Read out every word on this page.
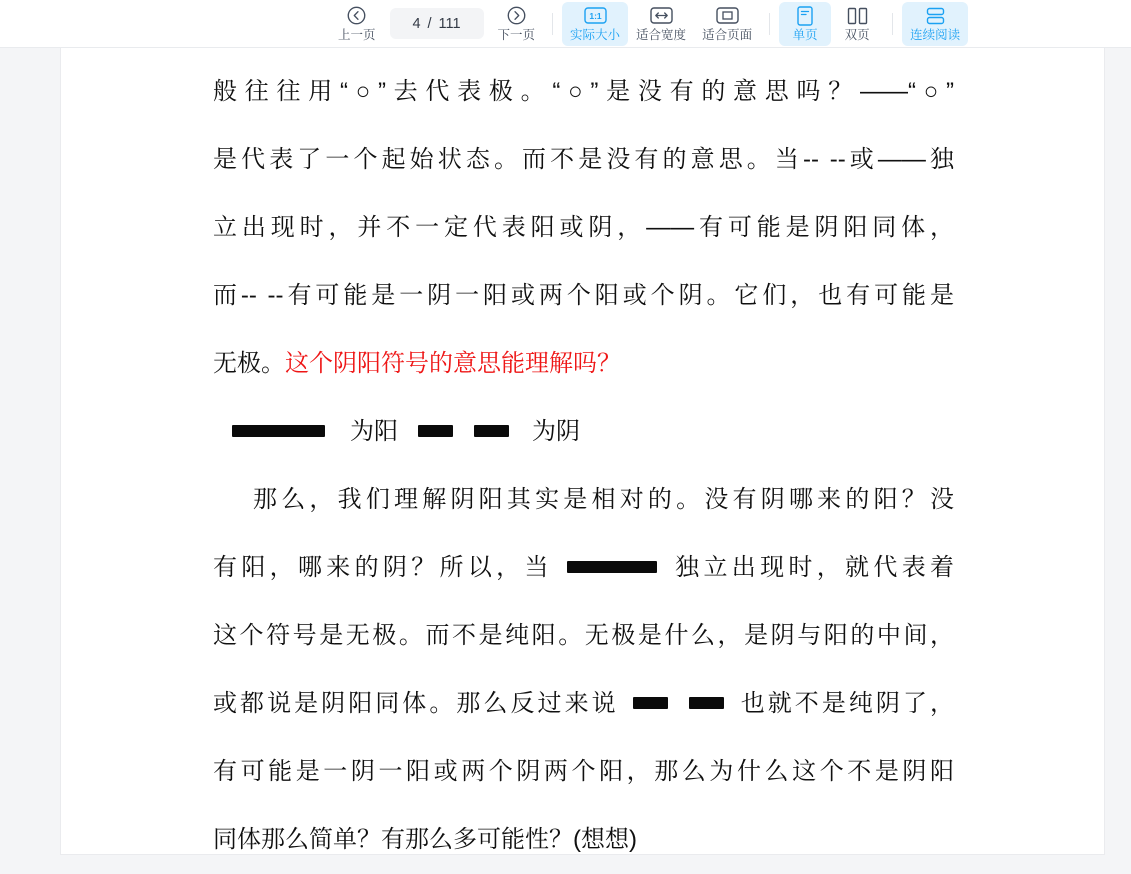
上一页
4 / 111
下一页
1:1
实际大小 适合宽度 适合页面	单页 双页	连续阅读

般往往用“○”去代表极。“○”是没有的意思吗？——“○”

是代表了一个起始状态。而不是没有的意思。当-- --或——独

立出现时，并不一定代表阳或阴，——有可能是阴阳同体，

而-- --有可能是一阴一阳或两个阳或个阴。它们，也有可能是

无极。这个阴阳符号的意思能理解吗？

为阳	为阴

那么，我们理解阴阳其实是相对的。没有阴哪来的阳？没

有阳，哪来的阴？所以，当	独立出现时，就代表着

这个符号是无极。而不是纯阳。无极是什么，是阴与阳的中间，

或都说是阴阳同体。那么反过来说	也就不是纯阴了，

有可能是一阴一阳或两个阴两个阳，那么为什么这个不是阴阳

同体那么简单？有那么多可能性？(想想)
